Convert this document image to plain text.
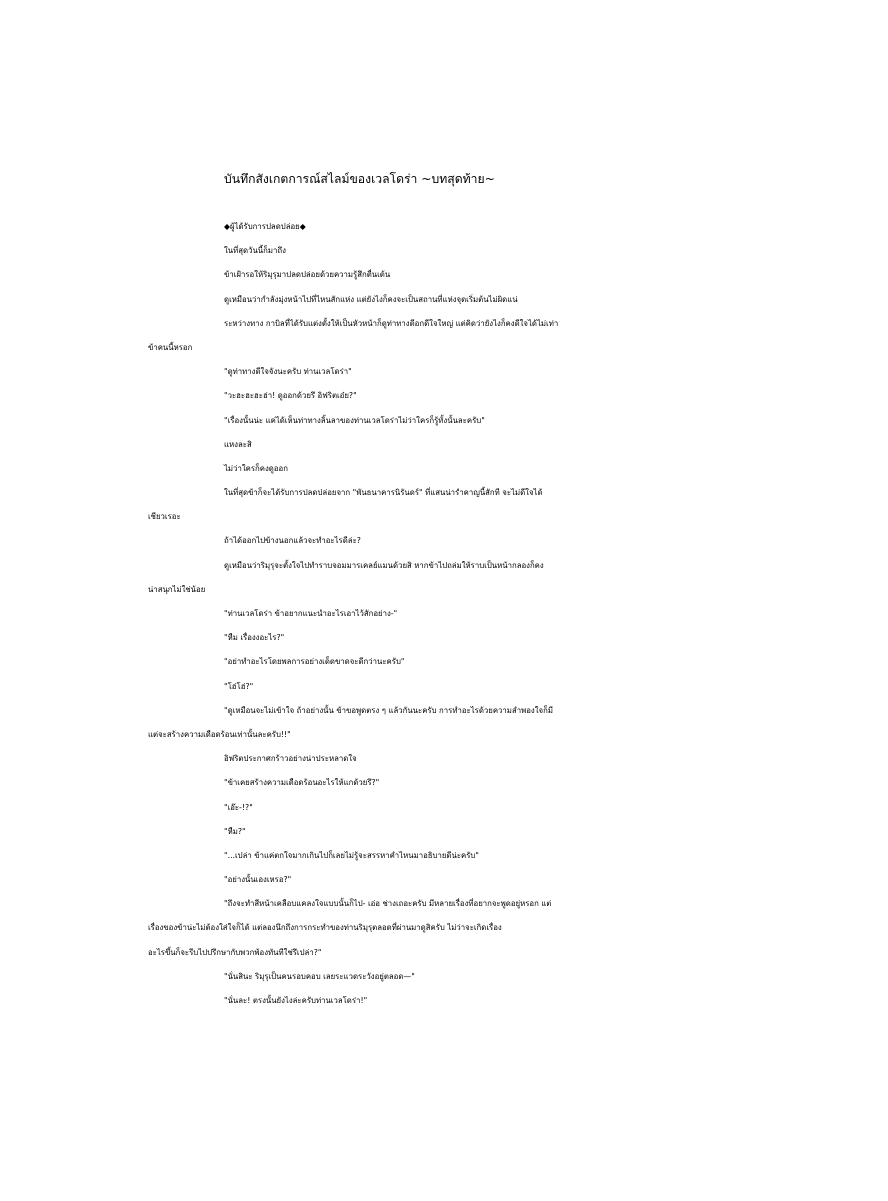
บันทึกสังเกตการณ์สไลม์ของเวลโดร่า ~บทสุดท้าย~
◆ผู้ได้รับการปลดปล่อย◆
ในที่สุดวันนี้ก็มาถึง
ข้าเฝ้ารอให้ริมุรุมาปลดปล่อยด้วยความรู้สึกตื่นเต้น
ดูเหมือนว่ากำลังมุ่งหน้าไปที่ไหนสักแห่ง แต่ยังไงก็คงจะเป็นสถานที่แห่งจุดเริ่มต้นไม่ผิดแน่
ระหว่างทาง กาบิลที่ได้รับแต่งตั้งให้เป็นหัวหน้าก็ดูท่าทางดีอกดีใจใหญ่ แต่คิดว่ายังไงก็คงดีใจได้ไม่เท่า
ข้าคนนี้หรอก
"ดูท่าทางดีใจจังนะครับ ท่านเวลโดร่า"
"วะฮะฮะฮะฮ่า! ดูออกด้วยรึ อิฟริตเอ๋ย?"
"เรื่องนั้นน่ะ แค่ได้เห็นท่าทางลิ้นลาของท่านเวลโดร่าไม่ว่าใครก็รู้ทั้งนั้นละครับ"
แหงละสิ
ไม่ว่าใครก็คงดูออก
ในที่สุดข้าก็จะได้รับการปลดปล่อยจาก "พันธนาคารนิรันดร์" ที่แสนน่ารำคาญนี้สักที จะไม่ดีใจได้
เชียวเรอะ
ถ้าได้ออกไปข้างนอกแล้วจะทำอะไรดีล่ะ?
ดูเหมือนว่าริมุรุจะตั้งใจไปทำราบจอมมารเคลย์แมนด้วยสิ หากข้าไปถล่มให้ราบเป็นหน้ากลองก็คง
น่าสนุกไม่ใช่น้อย
"ท่านเวลโดร่า ข้าอยากแนะนำอะไรเอาไว้สักอย่าง-"
"หืม เรื่องงอะไร?"
"อย่าทำอะไรโดยพลการอย่างเด็ดขาดจะดีกว่านะครับ"
"โฮ่โฮ่?"
"ดูเหมือนจะไม่เข้าใจ ถ้าอย่างนั้น ข้าขอพูดตรง ๆ แล้วกันนะครับ การทำอะไรด้วยความลำพองใจก็มี
แต่จะสร้างความเดือดร้อนเท่านั้นละครับ!!"
อิฟริตประกาศกร้าวอย่างน่าประหลาดใจ
"ข้าเคยสร้างความเดือดร้อนอะไรให้แกด้วยรึ?"
"เอ๊ะ-!?"
"หืม?"
"...เปล่า ข้าแค่ตกใจมากเกินไปก็เลยไม่รู้จะสรรหาคำไหนมาอธิบายดีน่ะครับ"
"อย่างนั้นเองเหรอ?"
"ถึงจะทำสีหน้าเคลือบแคลงใจแบบนั้นก็ไป- เอ่อ ช่างเถอะครับ มีหลายเรื่องที่อยากจะพูดอยู่หรอก แต่
เรื่องของข้าน่ะไม่ต้องใส่ใจก็ได้ แต่ลองนึกถึงการกระทำของท่านริมุรุตลอดที่ผ่านมาดูสิครับ ไม่ว่าจะเกิดเรื่อง
อะไรขึ้นก็จะรีบไปปรึกษากับพวกพ้องทันทีใช่รึเปล่า?"
"นั่นสินะ ริมุรุเป็นคนรอบคอบ เลยระแวดระวังอยู่ตลอด—"
"นั่นละ! ตรงนั้นยังไงล่ะครับท่านเวลโดร่า!"
